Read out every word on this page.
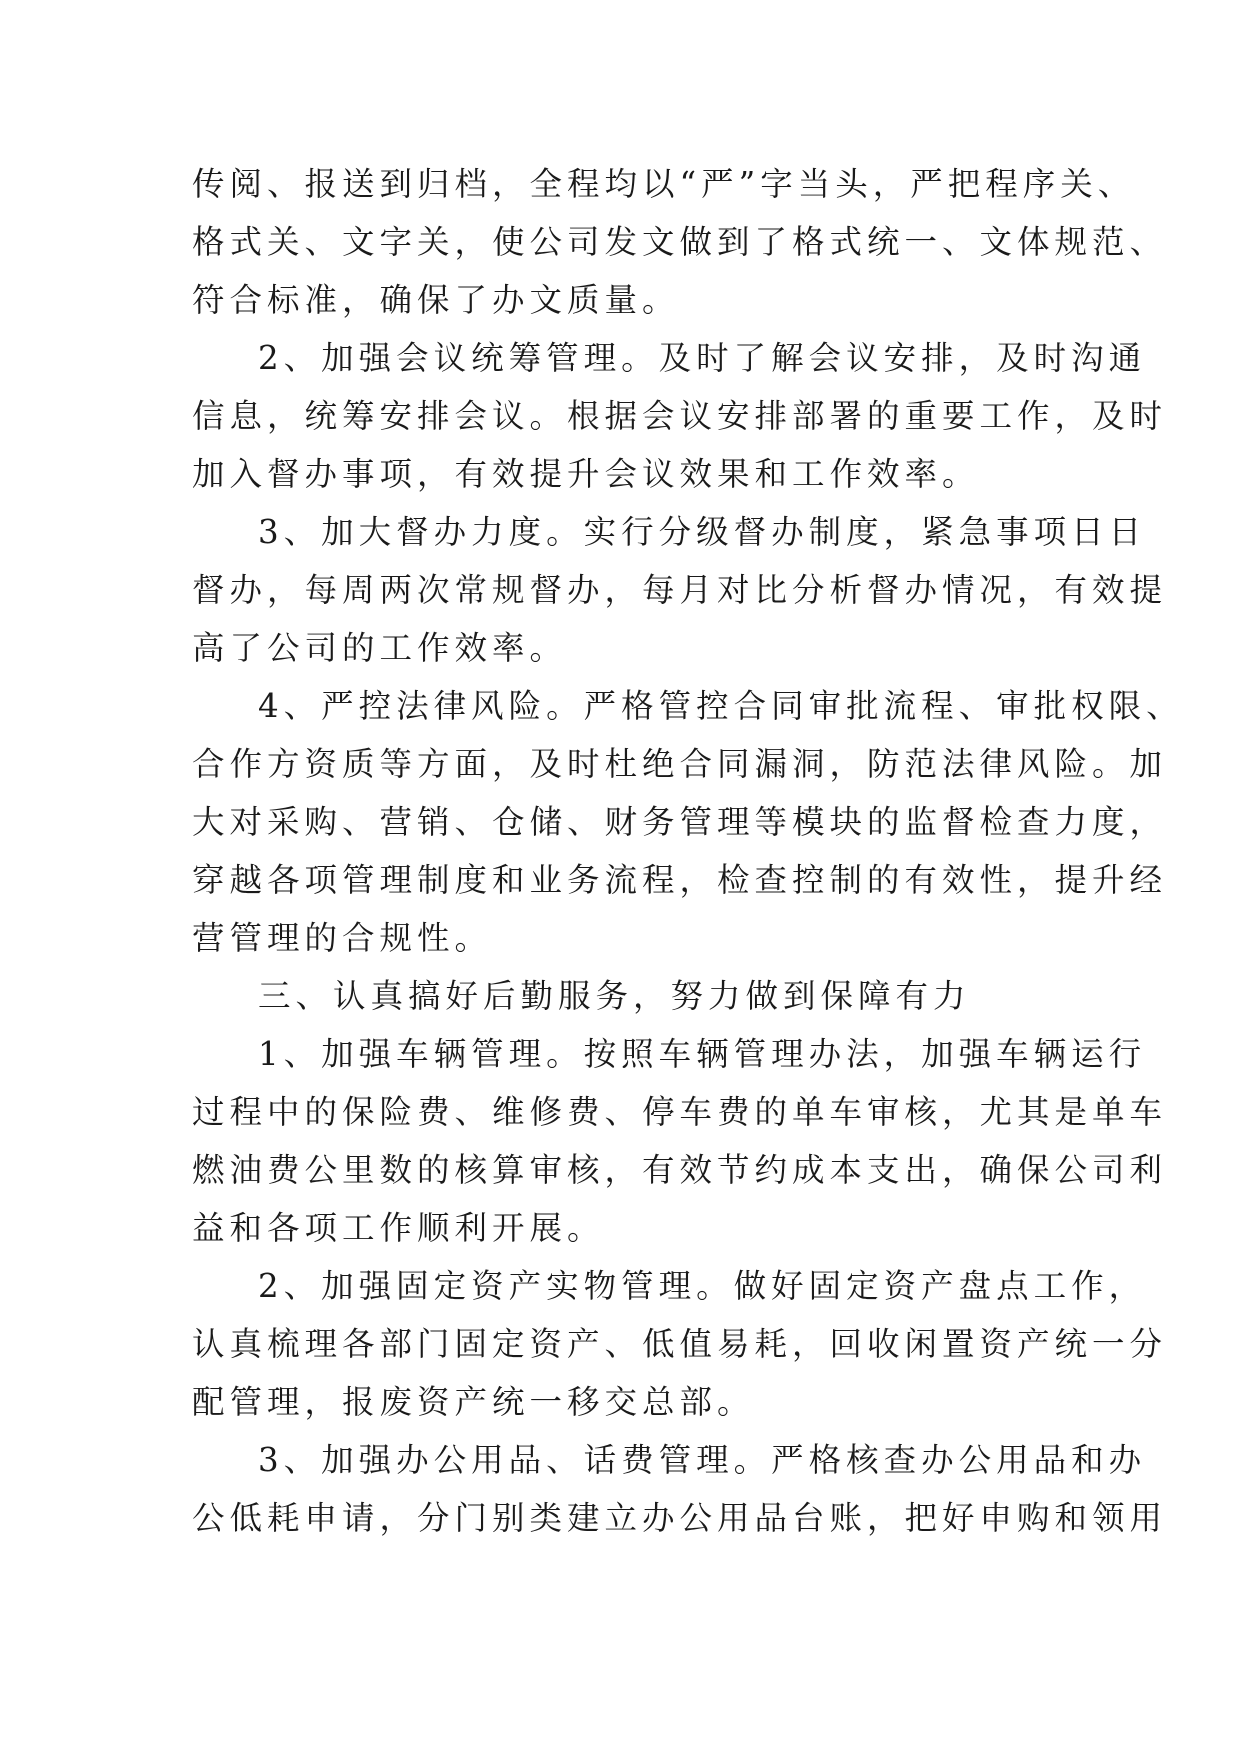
传阅、报送到归档，全程均以“严”字当头，严把程序关、
格式关、文字关，使公司发文做到了格式统一、文体规范、
符合标准，确保了办文质量。
2、加强会议统筹管理。及时了解会议安排，及时沟通
信息，统筹安排会议。根据会议安排部署的重要工作，及时
加入督办事项，有效提升会议效果和工作效率。
3、加大督办力度。实行分级督办制度，紧急事项日日
督办，每周两次常规督办，每月对比分析督办情况，有效提
高了公司的工作效率。
4、严控法律风险。严格管控合同审批流程、审批权限、
合作方资质等方面，及时杜绝合同漏洞，防范法律风险。加
大对采购、营销、仓储、财务管理等模块的监督检查力度，
穿越各项管理制度和业务流程，检查控制的有效性，提升经
营管理的合规性。
三、认真搞好后勤服务，努力做到保障有力
1、加强车辆管理。按照车辆管理办法，加强车辆运行
过程中的保险费、维修费、停车费的单车审核，尤其是单车
燃油费公里数的核算审核，有效节约成本支出，确保公司利
益和各项工作顺利开展。
2、加强固定资产实物管理。做好固定资产盘点工作，
认真梳理各部门固定资产、低值易耗，回收闲置资产统一分
配管理，报废资产统一移交总部。
3、加强办公用品、话费管理。严格核查办公用品和办
公低耗申请，分门别类建立办公用品台账，把好申购和领用
